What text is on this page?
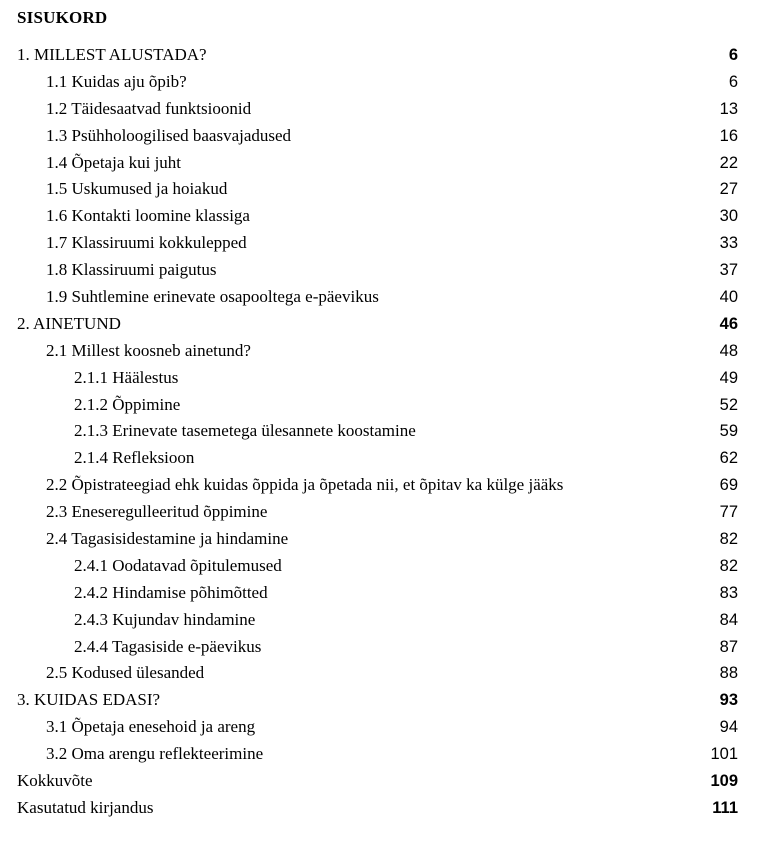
SISUKORD
1. MILLEST ALUSTADA?	6
1.1 Kuidas aju õpib?	6
1.2 Täidesaatvad funktsioonid	13
1.3 Psühholoogilised baasvajadused	16
1.4 Õpetaja kui juht	22
1.5 Uskumused ja hoiakud	27
1.6 Kontakti loomine klassiga	30
1.7 Klassiruumi kokkulepped	33
1.8 Klassiruumi paigutus	37
1.9 Suhtlemine erinevate osapooltega e-päevikus	40
2. AINETUND	46
2.1 Millest koosneb ainetund?	48
2.1.1 Häälestus	49
2.1.2 Õppimine	52
2.1.3 Erinevate tasemetega ülesannete koostamine	59
2.1.4 Refleksioon	62
2.2 Õpistrateegiad ehk kuidas õppida ja õpetada nii, et õpitav ka külge jääks	69
2.3 Eneseregulleeritud õppimine	77
2.4 Tagasisidestamine ja hindamine	82
2.4.1 Oodatavad õpitulemused	82
2.4.2 Hindamise põhimõtted	83
2.4.3 Kujundav hindamine	84
2.4.4 Tagasiside e-päevikus	87
2.5 Kodused ülesanded	88
3. KUIDAS EDASI?	93
3.1 Õpetaja enesehoid ja areng	94
3.2 Oma arengu reflekteerimine	101
Kokkuvõte	109
Kasutatud kirjandus	111
